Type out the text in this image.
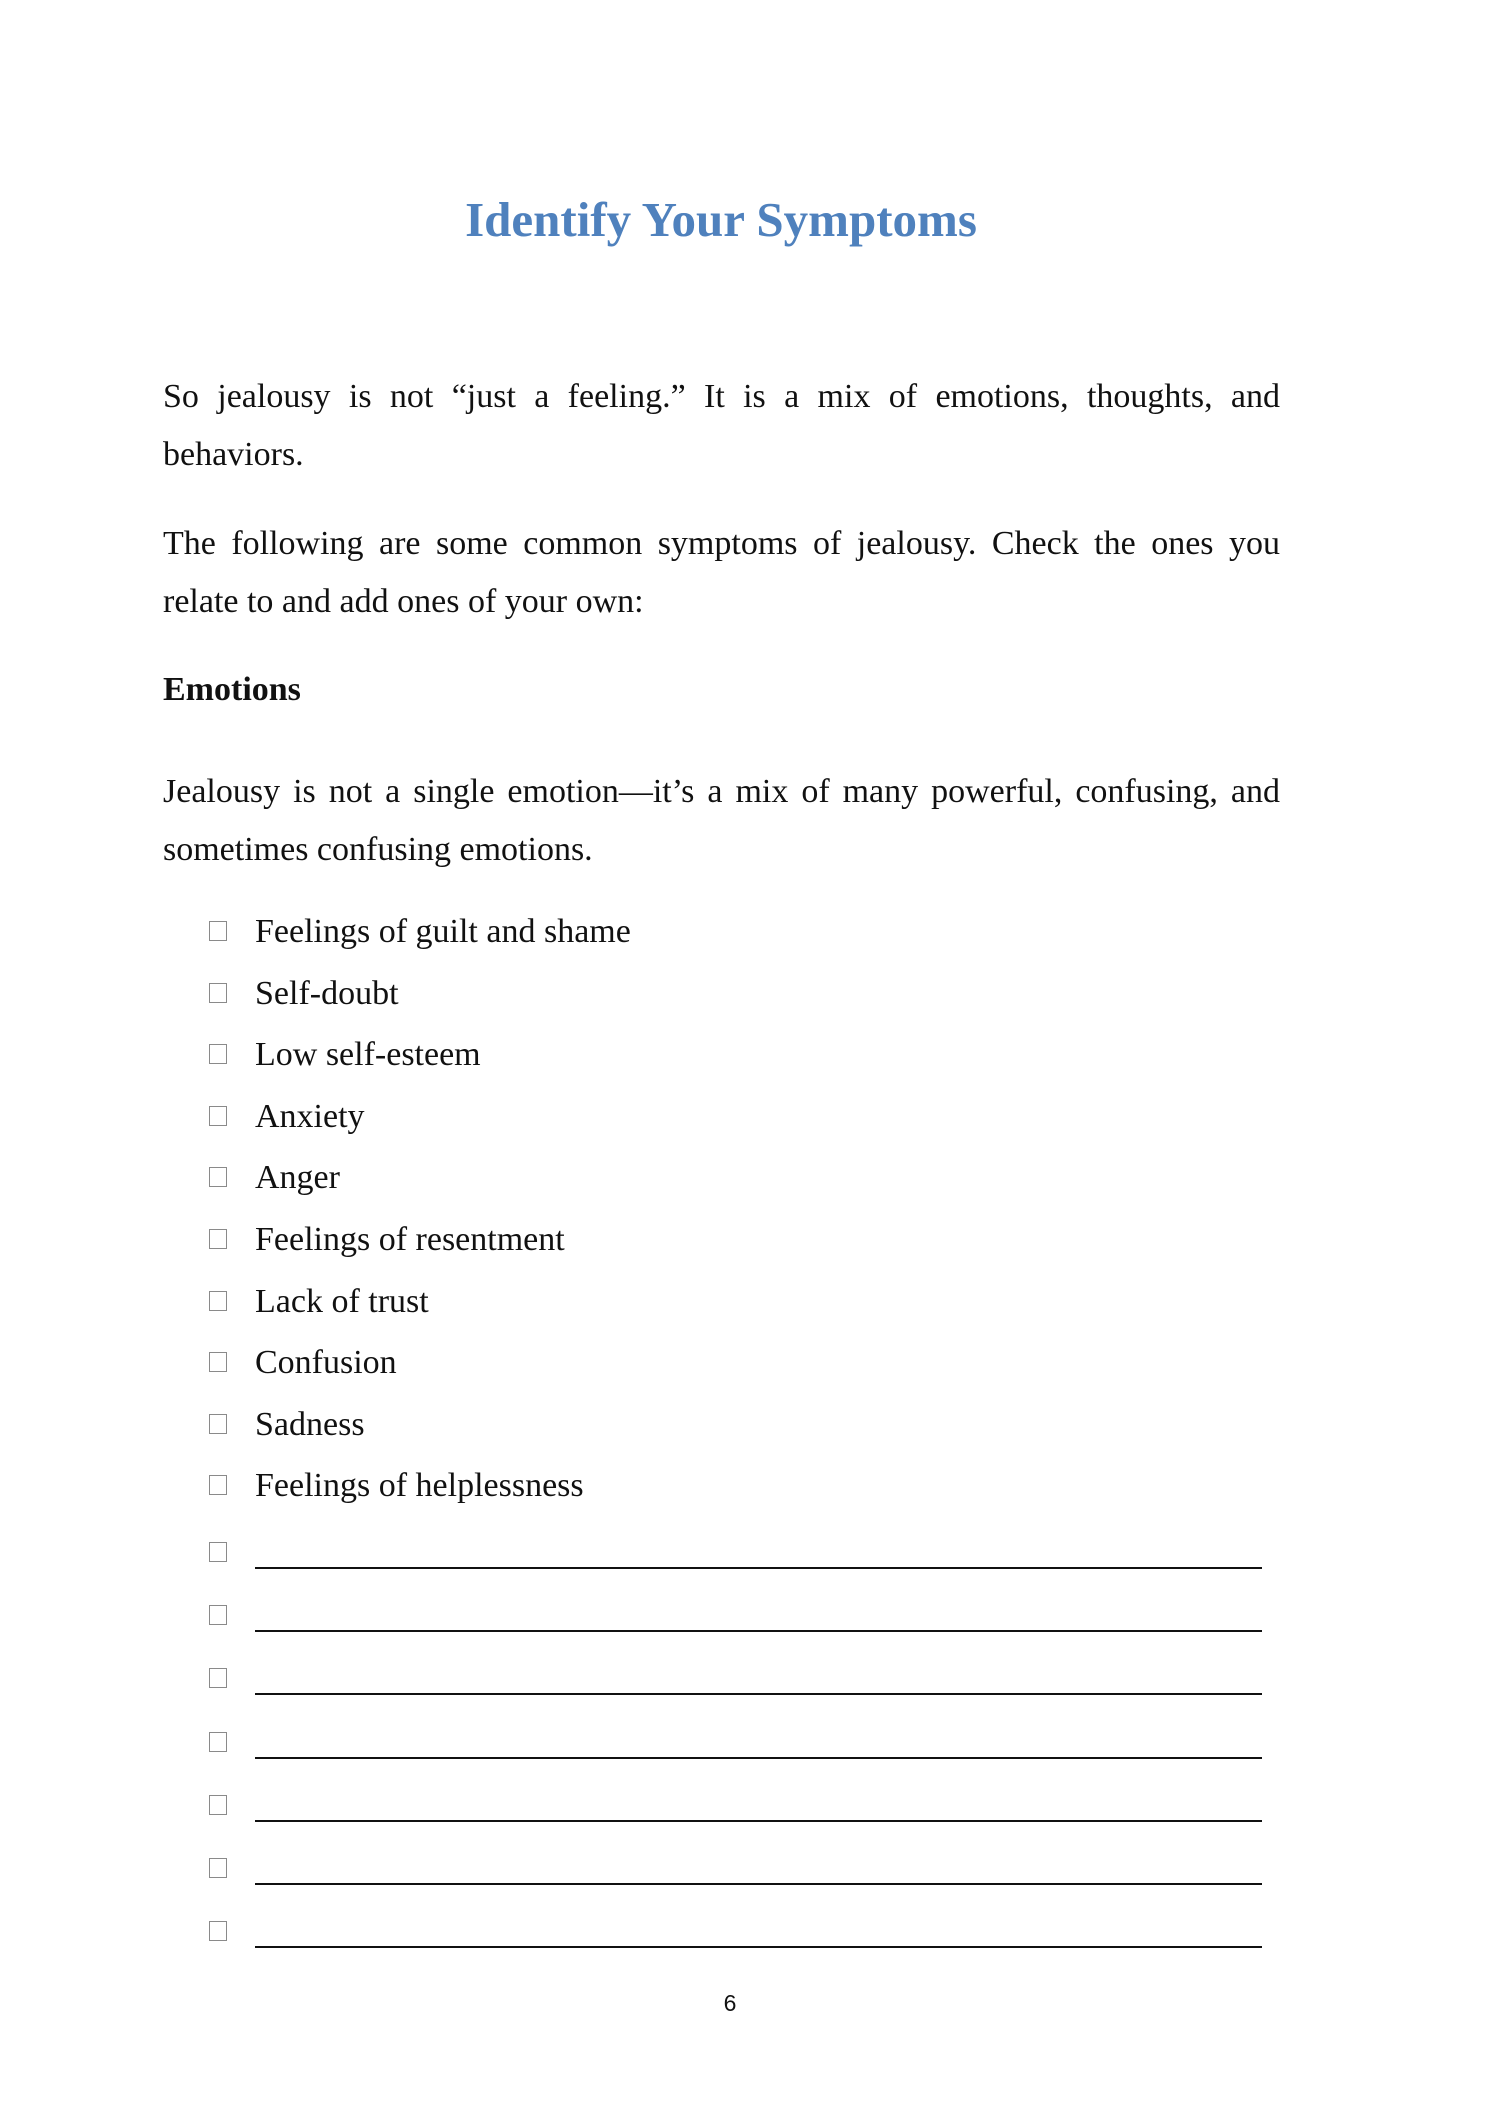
Identify Your Symptoms

So jealousy is not “just a feeling.” It is a mix of emotions, thoughts, and behaviors.

The following are some common symptoms of jealousy. Check the ones you relate to and add ones of your own:

Emotions

Jealousy is not a single emotion—it’s a mix of many powerful, confusing, and sometimes confusing emotions.

Feelings of guilt and shame
Self-doubt
Low self-esteem
Anxiety
Anger
Feelings of resentment
Lack of trust
Confusion
Sadness
Feelings of helplessness
6
